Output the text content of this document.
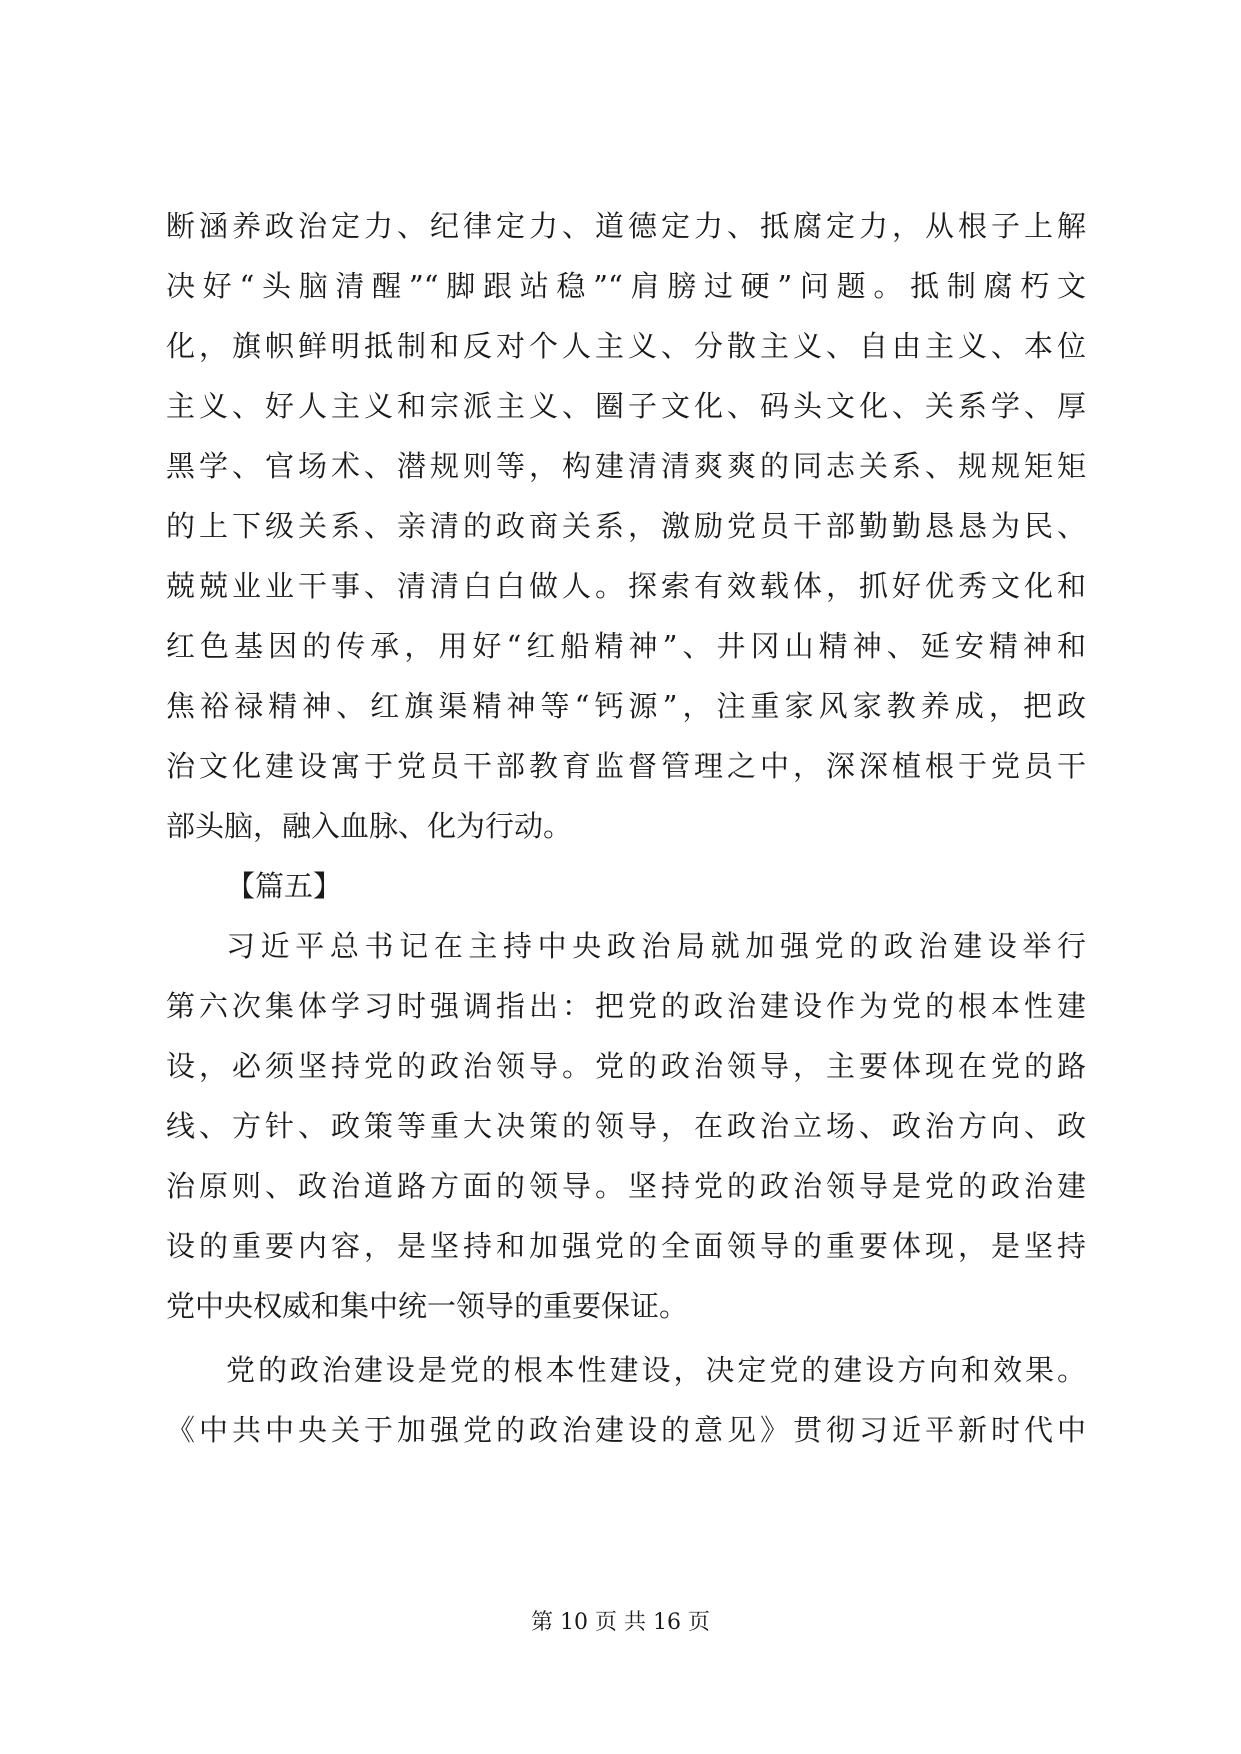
断涵养政治定力、纪律定力、道德定力、抵腐定力，从根子上解
决好“头脑清醒”“脚跟站稳”“肩膀过硬”问题。抵制腐朽文
化，旗帜鲜明抵制和反对个人主义、分散主义、自由主义、本位
主义、好人主义和宗派主义、圈子文化、码头文化、关系学、厚
黑学、官场术、潜规则等，构建清清爽爽的同志关系、规规矩矩
的上下级关系、亲清的政商关系，激励党员干部勤勤恳恳为民、
兢兢业业干事、清清白白做人。探索有效载体，抓好优秀文化和
红色基因的传承，用好“红船精神”、井冈山精神、延安精神和
焦裕禄精神、红旗渠精神等“钙源”，注重家风家教养成，把政
治文化建设寓于党员干部教育监督管理之中，深深植根于党员干
部头脑，融入血脉、化为行动。
【篇五】
习近平总书记在主持中央政治局就加强党的政治建设举行
第六次集体学习时强调指出：把党的政治建设作为党的根本性建
设，必须坚持党的政治领导。党的政治领导，主要体现在党的路
线、方针、政策等重大决策的领导，在政治立场、政治方向、政
治原则、政治道路方面的领导。坚持党的政治领导是党的政治建
设的重要内容，是坚持和加强党的全面领导的重要体现，是坚持
党中央权威和集中统一领导的重要保证。
党的政治建设是党的根本性建设，决定党的建设方向和效果。
《中共中央关于加强党的政治建设的意见》贯彻习近平新时代中
第 10 页 共 16 页
